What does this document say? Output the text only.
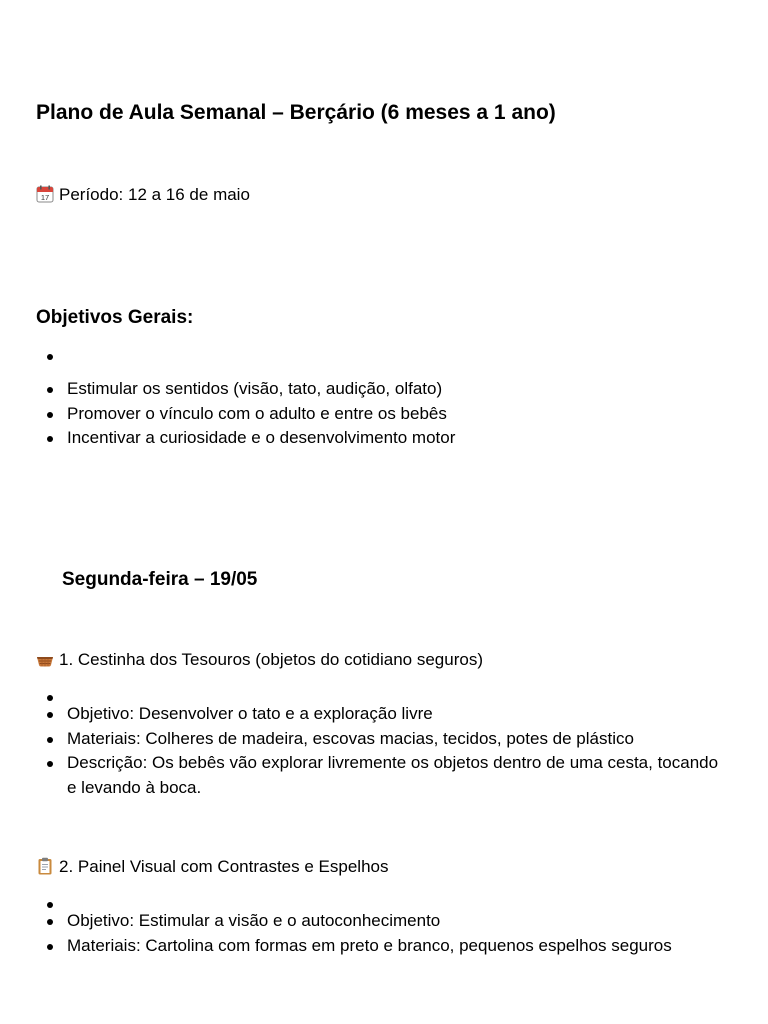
Plano de Aula Semanal – Berçário (6 meses a 1 ano)
17 Período: 12 a 16 de maio
Objetivos Gerais:
Estimular os sentidos (visão, tato, audição, olfato)
Promover o vínculo com o adulto e entre os bebês
Incentivar a curiosidade e o desenvolvimento motor
Segunda-feira – 19/05
1. Cestinha dos Tesouros (objetos do cotidiano seguros)
Objetivo: Desenvolver o tato e a exploração livre
Materiais: Colheres de madeira, escovas macias, tecidos, potes de plástico
Descrição: Os bebês vão explorar livremente os objetos dentro de uma cesta, tocando e levando à boca.
2. Painel Visual com Contrastes e Espelhos
Objetivo: Estimular a visão e o autoconhecimento
Materiais: Cartolina com formas em preto e branco, pequenos espelhos seguros
